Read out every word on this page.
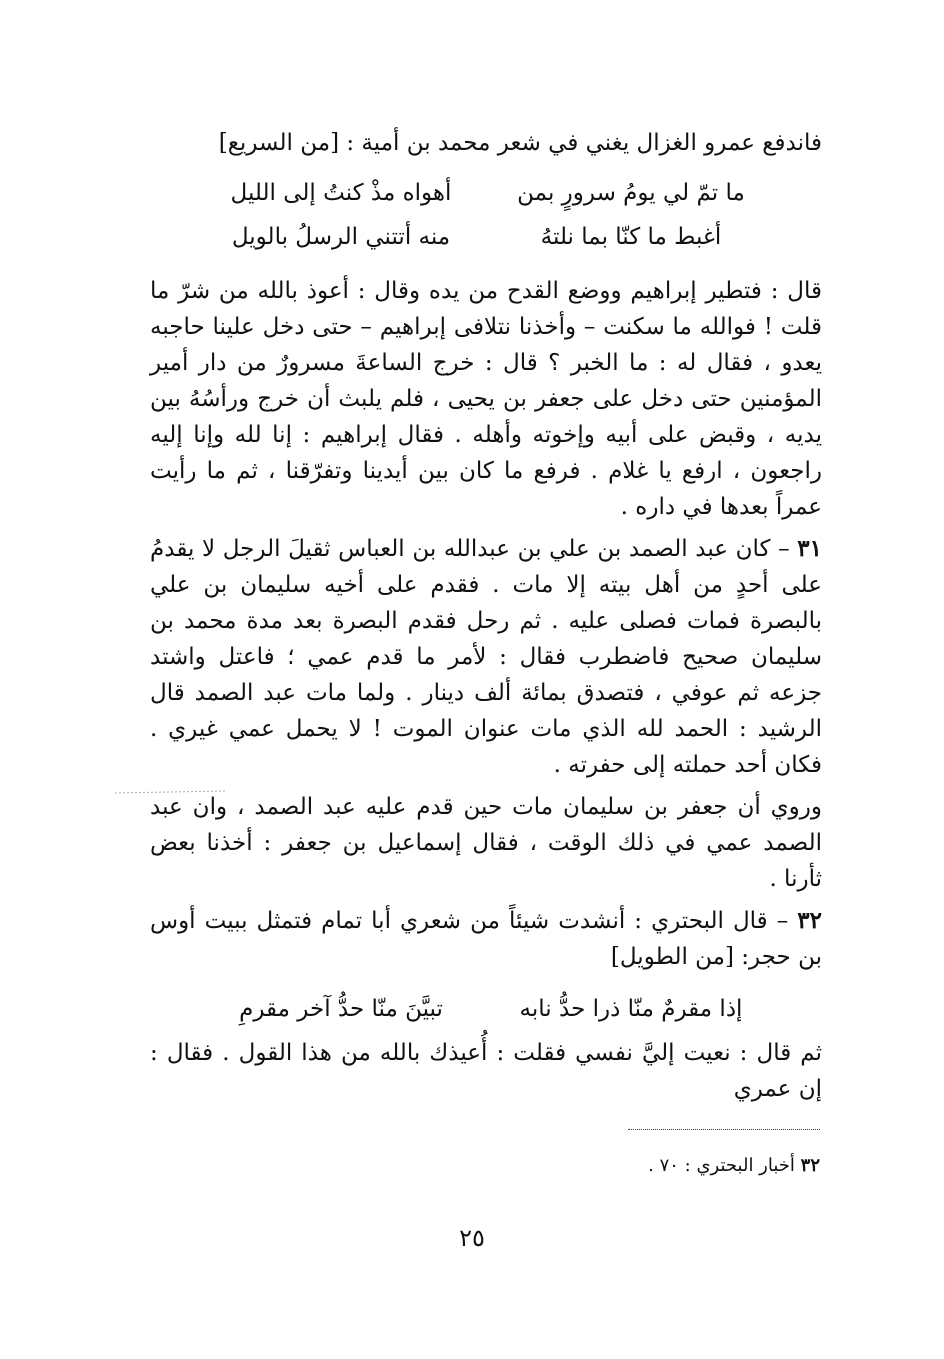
فاندفع عمرو الغزال يغني في شعر محمد بن أمية : [من السريع]
ما تمّ لي يومُ سرورٍ بمن
أهواه مذْ كنتُ إلى الليل
أغبط ما كنّا بما نلتهُ
منه أتتني الرسلُ بالويل

قال : فتطير إبراهيم ووضع القدح من يده وقال : أعوذ بالله من شرّ ما قلت ! فوالله ما سكنت – وأخذنا نتلافى إبراهيم – حتى دخل علينا حاجبه يعدو ، فقال له : ما الخبر ؟ قال : خرج الساعةَ مسرورٌ من دار أمير المؤمنين حتى دخل على جعفر بن يحيى ، فلم يلبث أن خرج ورأسُهُ بين يديه ، وقبض على أبيه وإخوته وأهله . فقال إبراهيم : إنا لله وإنا إليه راجعون ، ارفع يا غلام . فرفع ما كان بين أيدينا وتفرّقنا ، ثم ما رأيت عمراً بعدها في داره .

٣١ – كان عبد الصمد بن علي بن عبدالله بن العباس ثقيلَ الرجل لا يقدمُ على أحدٍ من أهل بيته إلا مات . فقدم على أخيه سليمان بن علي بالبصرة فمات فصلى عليه . ثم رحل فقدم البصرة بعد مدة محمد بن سليمان صحيح فاضطرب فقال : لأمر ما قدم عمي ؛ فاعتل واشتد جزعه ثم عوفي ، فتصدق بمائة ألف دينار . ولما مات عبد الصمد قال الرشيد : الحمد لله الذي مات عنوان الموت ! لا يحمل عمي غيري . فكان أحد حملته إلى حفرته .

وروي أن جعفر بن سليمان مات حين قدم عليه عبد الصمد ، وان عبد الصمد عمي في ذلك الوقت ، فقال إسماعيل بن جعفر : أخذنا بعض ثأرنا .

٣٢ – قال البحتري : أنشدت شيئاً من شعري أبا تمام فتمثل ببيت أوس بن حجر: [من الطويل]

إذا مقرمٌ منّا ذرا حدُّ نابه
تبيَّنَ منّا حدُّ آخر مقرمِ

ثم قال : نعيت إليَّ نفسي فقلت : أُعيذك بالله من هذا القول . فقال : إن عمري

٣٢ أخبار البحتري : ٧٠ .
٢٥
